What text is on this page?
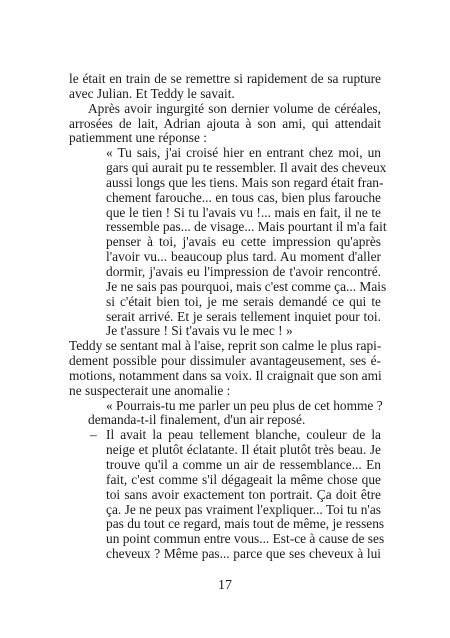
le était en train de se remettre si rapidement de sa rupture
avec Julian. Et Teddy le savait.
Après avoir ingurgité son dernier volume de céréales,
arrosées de lait, Adrian ajouta à son ami, qui attendait
patiemment une réponse :
« Tu sais, j'ai croisé hier en entrant chez moi, un
gars qui aurait pu te ressembler. Il avait des cheveux
aussi longs que les tiens. Mais son regard était fran-
chement farouche... en tous cas, bien plus farouche
que le tien ! Si tu l'avais vu !... mais en fait, il ne te
ressemble pas... de visage... Mais pourtant il m'a fait
penser à toi, j'avais eu cette impression qu'après
l'avoir vu... beaucoup plus tard. Au moment d'aller
dormir, j'avais eu l'impression de t'avoir rencontré.
Je ne sais pas pourquoi, mais c'est comme ça... Mais
si c'était bien toi, je me serais demandé ce qui te
serait arrivé. Et je serais tellement inquiet pour toi.
Je t'assure ! Si t'avais vu le mec ! »
Teddy se sentant mal à l'aise, reprit son calme le plus rapi-
dement possible pour dissimuler avantageusement, ses é-
motions, notamment dans sa voix. Il craignait que son ami
ne suspecterait une anomalie :
« Pourrais-tu me parler un peu plus de cet homme ?
demanda-t-il finalement, d'un air reposé.
– Il avait la peau tellement blanche, couleur de la
neige et plutôt éclatante. Il était plutôt très beau. Je
trouve qu'il a comme un air de ressemblance... En
fait, c'est comme s'il dégageait la même chose que
toi sans avoir exactement ton portrait. Ça doit être
ça. Je ne peux pas vraiment l'expliquer... Toi tu n'as
pas du tout ce regard, mais tout de même, je ressens
un point commun entre vous... Est-ce à cause de ses
cheveux ? Même pas... parce que ses cheveux à lui
17
